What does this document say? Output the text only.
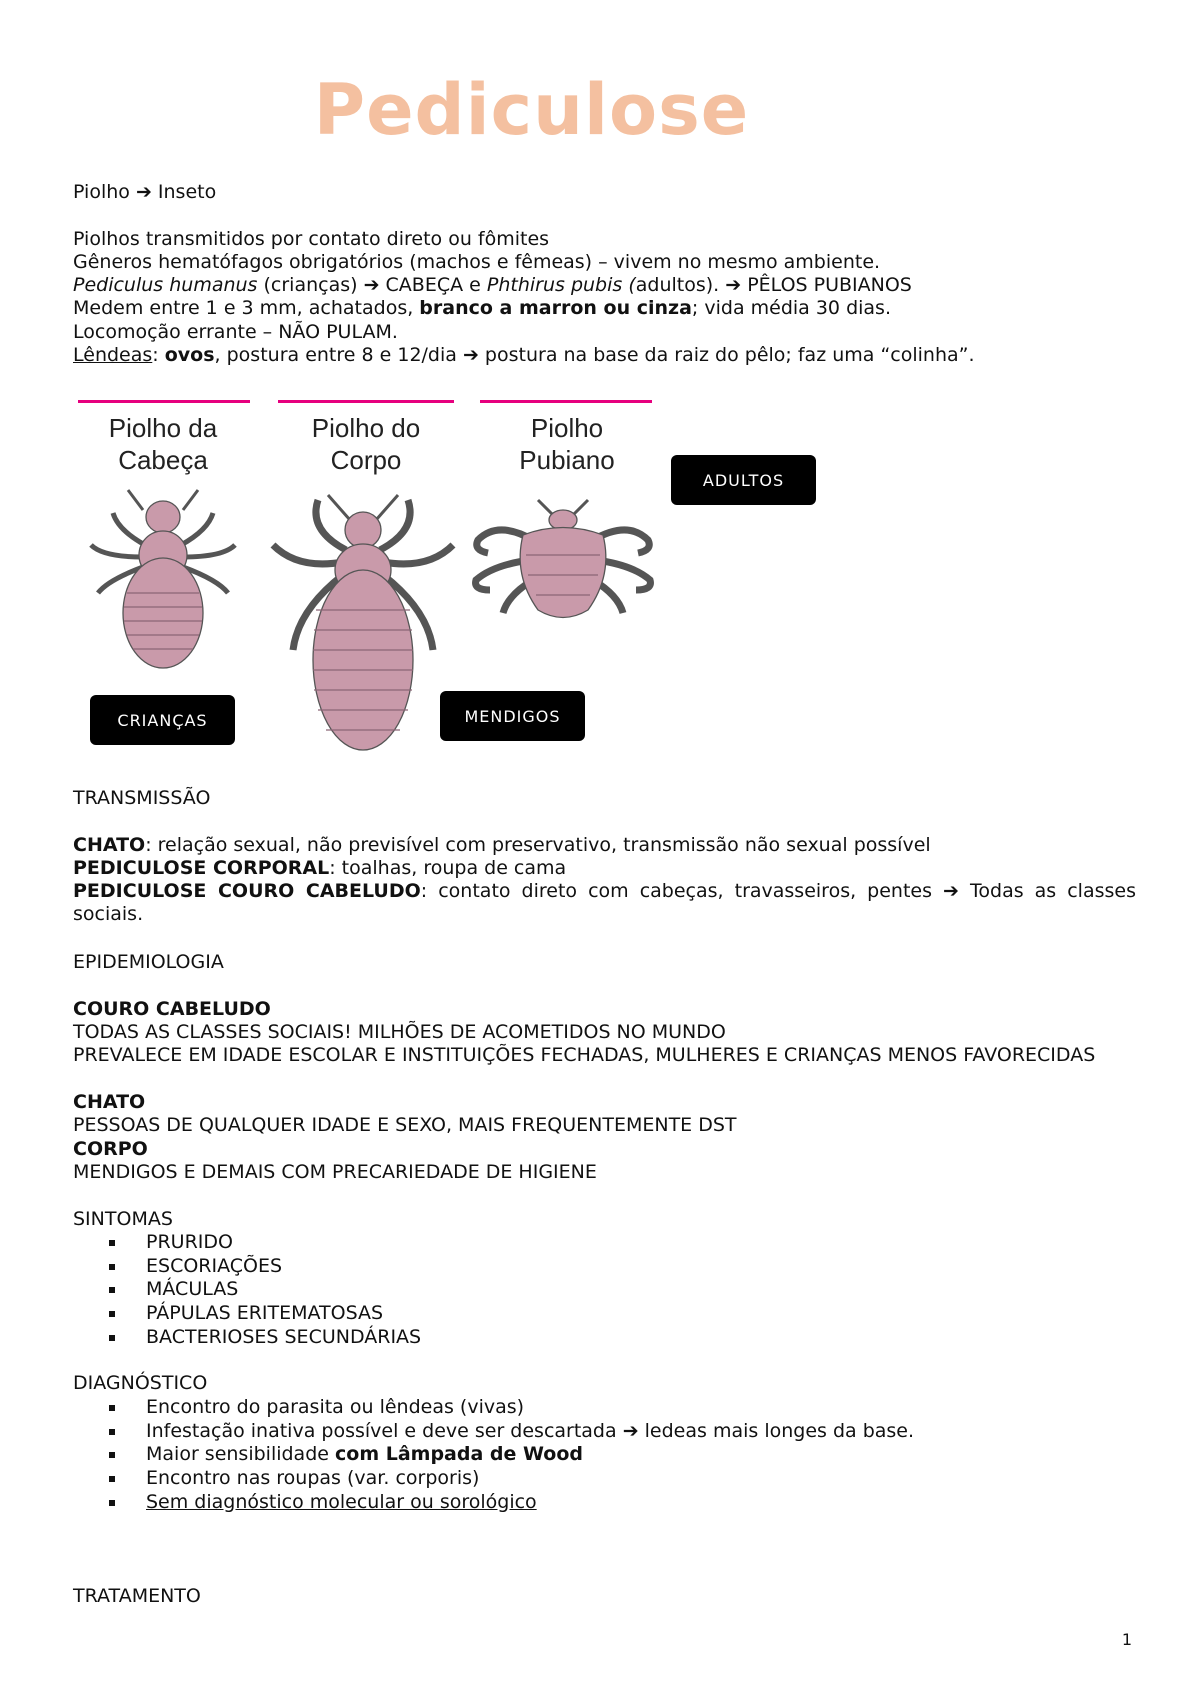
Pediculose
Piolho ➔ Inseto
Piolhos transmitidos por contato direto ou fômites
Gêneros hematófagos obrigatórios (machos e fêmeas) – vivem no mesmo ambiente.
Pediculus humanus (crianças) ➔ CABEÇA e Phthirus pubis (adultos). ➔ PÊLOS PUBIANOS
Medem entre 1 e 3 mm, achatados, branco a marron ou cinza; vida média 30 dias.
Locomoção errante – NÃO PULAM.
Lêndeas: ovos, postura entre 8 e 12/dia ➔ postura na base da raiz do pêlo; faz uma “colinha”.
TRANSMISSÃO
CHATO: relação sexual, não previsível com preservativo, transmissão não sexual possível
PEDICULOSE CORPORAL: toalhas, roupa de cama
PEDICULOSE COURO CABELUDO: contato direto com cabeças, travasseiros, pentes ➔ Todas as classes sociais.
EPIDEMIOLOGIA
COURO CABELUDO
TODAS AS CLASSES SOCIAIS! MILHÕES DE ACOMETIDOS NO MUNDO
PREVALECE EM IDADE ESCOLAR E INSTITUIÇÕES FECHADAS, MULHERES E CRIANÇAS MENOS FAVORECIDAS
CHATO
PESSOAS DE QUALQUER IDADE E SEXO, MAIS FREQUENTEMENTE DST
CORPO
MENDIGOS E DEMAIS COM PRECARIEDADE DE HIGIENE
SINTOMAS
PRURIDO
ESCORIAÇÕES
MÁCULAS
PÁPULAS ERITEMATOSAS
BACTERIOSES SECUNDÁRIAS
DIAGNÓSTICO
Encontro do parasita ou lêndeas (vivas)
Infestação inativa possível e deve ser descartada ➔ ledeas mais longes da base.
Maior sensibilidade com Lâmpada de Wood
Encontro nas roupas (var. corporis)
Sem diagnóstico molecular ou sorológico
TRATAMENTO
Piolho da
Cabeça
Piolho do
Corpo
Piolho
Pubiano
ADULTOS
CRIANÇAS	MENDIGOS
1
